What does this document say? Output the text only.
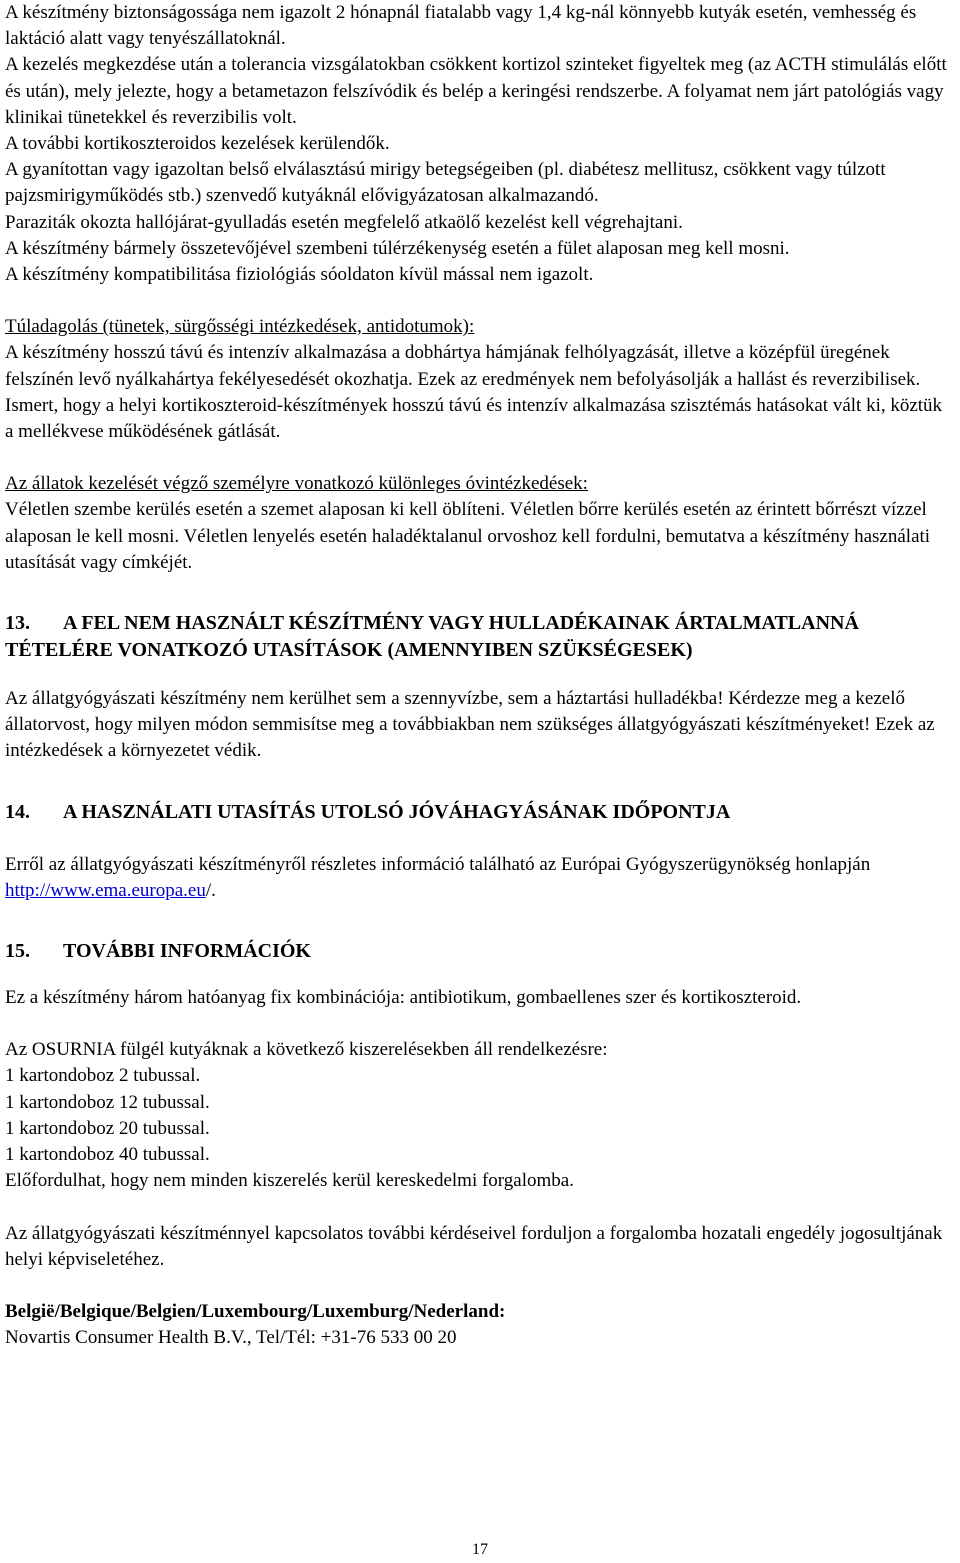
A készítmény biztonságossága nem igazolt 2 hónapnál fiatalabb vagy 1,4 kg-nál könnyebb kutyák esetén, vemhesség és laktáció alatt vagy tenyészállatoknál.

A kezelés megkezdése után a tolerancia vizsgálatokban csökkent kortizol szinteket figyeltek meg (az ACTH stimulálás előtt és után), mely jelezte, hogy a betametazon felszívódik és belép a keringési rendszerbe. A folyamat nem járt patológiás vagy klinikai tünetekkel és reverzibilis volt.

A további kortikoszteroidos kezelések kerülendők.

A gyanítottan vagy igazoltan belső elválasztású mirigy betegségeiben (pl. diabétesz mellitusz, csökkent vagy túlzott pajzsmirigyműködés stb.) szenvedő kutyáknál elővigyázatosan alkalmazandó.

Paraziták okozta hallójárat-gyulladás esetén megfelelő atkaölő kezelést kell végrehajtani.

A készítmény bármely összetevőjével szembeni túlérzékenység esetén a fület alaposan meg kell mosni.

A készítmény kompatibilitása fiziológiás sóoldaton kívül mással nem igazolt.

Túladagolás (tünetek, sürgősségi intézkedések, antidotumok):

A készítmény hosszú távú és intenzív alkalmazása a dobhártya hámjának felhólyagzását, illetve a középfül üregének felszínén levő nyálkahártya fekélyesedését okozhatja. Ezek az eredmények nem befolyásolják a hallást és reverzibilisek.

Ismert, hogy a helyi kortikoszteroid-készítmények hosszú távú és intenzív alkalmazása szisztémás hatásokat vált ki, köztük a mellékvese működésének gátlását.

Az állatok kezelését végző személyre vonatkozó különleges óvintézkedések:

Véletlen szembe kerülés esetén a szemet alaposan ki kell öblíteni. Véletlen bőrre kerülés esetén az érintett bőrrészt vízzel alaposan le kell mosni. Véletlen lenyelés esetén haladéktalanul orvoshoz kell fordulni, bemutatva a készítmény használati utasítását vagy címkéjét.

13. A FEL NEM HASZNÁLT KÉSZÍTMÉNY VAGY HULLADÉKAINAK ÁRTALMATLANNÁ TÉTELÉRE VONATKOZÓ UTASÍTÁSOK (AMENNYIBEN SZÜKSÉGESEK)

Az állatgyógyászati készítmény nem kerülhet sem a szennyvízbe, sem a háztartási hulladékba! Kérdezze meg a kezelő állatorvost, hogy milyen módon semmisítse meg a továbbiakban nem szükséges állatgyógyászati készítményeket! Ezek az intézkedések a környezetet védik.

14. A HASZNÁLATI UTASÍTÁS UTOLSÓ JÓVÁHAGYÁSÁNAK IDŐPONTJA

Erről az állatgyógyászati készítményről részletes információ található az Európai Gyógyszerügynökség honlapján http://www.ema.europa.eu/.

15. TOVÁBBI INFORMÁCIÓK

Ez a készítmény három hatóanyag fix kombinációja: antibiotikum, gombaellenes szer és kortikoszteroid.

Az OSURNIA fülgél kutyáknak a következő kiszerelésekben áll rendelkezésre:

1 kartondoboz 2 tubussal.

1 kartondoboz 12 tubussal.

1 kartondoboz 20 tubussal.

1 kartondoboz 40 tubussal.

Előfordulhat, hogy nem minden kiszerelés kerül kereskedelmi forgalomba.

Az állatgyógyászati készítménnyel kapcsolatos további kérdéseivel forduljon a forgalomba hozatali engedély jogosultjának helyi képviseletéhez.

België/Belgique/Belgien/Luxembourg/Luxemburg/Nederland:

Novartis Consumer Health B.V., Tel/Tél: +31-76 533 00 20

17
